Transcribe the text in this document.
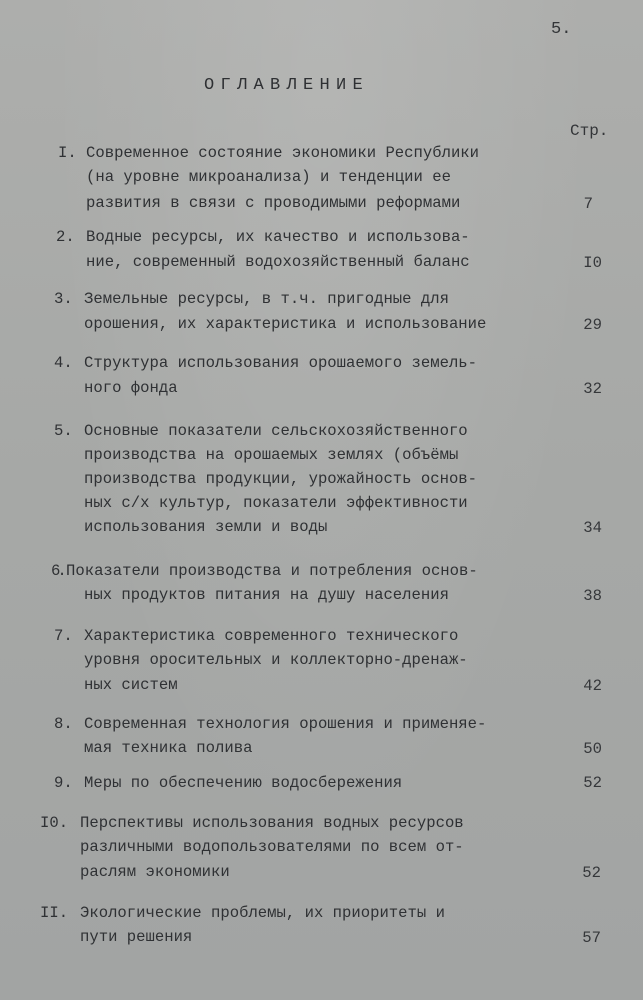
5.
ОГЛАВЛЕНИЕ
Стр.
I. Современное состояние экономики Республики
(на уровне микроанализа) и тенденции ее
развития в связи с проводимыми реформами	7
2. Водные ресурсы, их качество и использова-
ние, современный водохозяйственный баланс	I0
3. Земельные ресурсы, в т.ч. пригодные для
орошения, их характеристика и использование	29
4. Структура использования орошаемого земель-
ного фонда	32
5. Основные показатели сельскохозяйственного
производства на орошаемых землях (объёмы
производства продукции, урожайность основ-
ных с/х культур, показатели эффективности
использования земли и воды	34
6. Показатели производства и потребления основ-
ных продуктов питания на душу населения	38
7. Характеристика современного технического
уровня оросительных и коллекторно-дренаж-
ных систем	42
8. Современная технология орошения и применяе-
мая техника полива	50
9. Меры по обеспечению водосбережения	52
I0. Перспективы использования водных ресурсов
различными водопользователями по всем от-
раслям экономики	52
II. Экологические проблемы, их приоритеты и
пути решения	57
